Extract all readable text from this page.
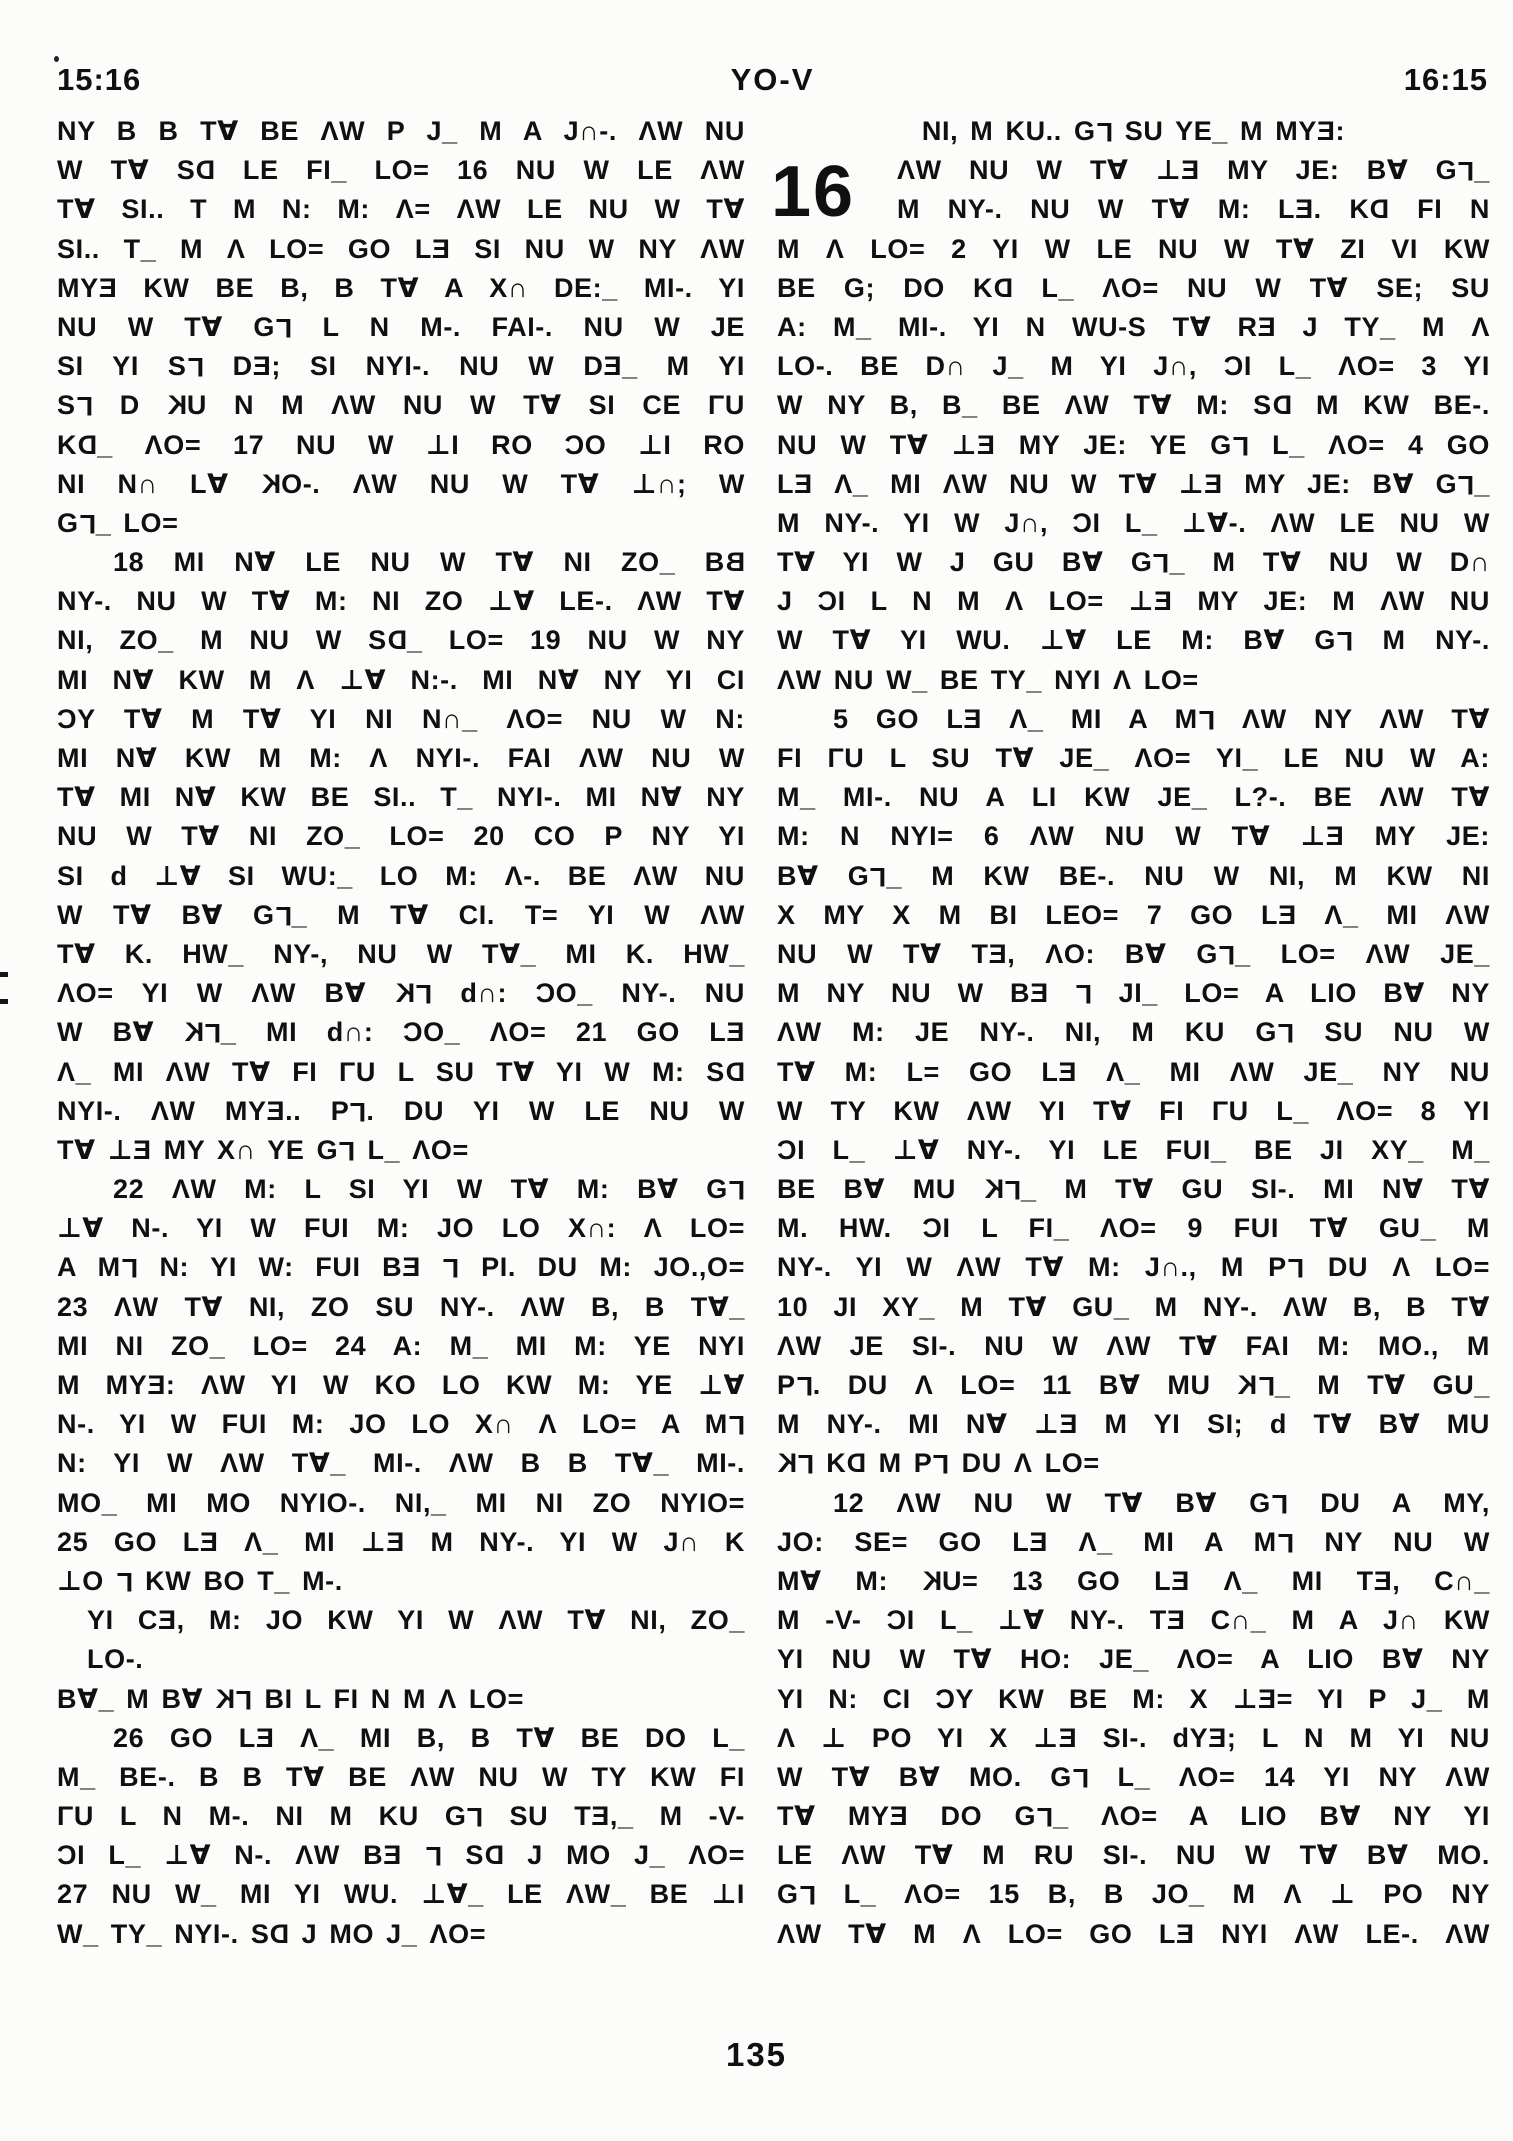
15:16	YO-V	16:15
NY B B T∀ BE ɅW P J_ M A J∩-. ɅW NU
W T∀ SD LE FI_ LO= 16 NU W LE ɅW
T∀ SI.. T M N: M: Ʌ= ɅW LE NU W T∀
SI.. T_ M Ʌ LO= GO LƎ SI NU W NY ɅW
MYƎ KW BE B, B T∀ A X∩ DE:_ MI-. YI
NU W T∀ GL L N M-. FAI-. NU W JE
SI YI SL DƎ; SI NYI-. NU W DƎ_ M YI
SL D KU N M ɅW NU W T∀ SI CE ΓU
KD_ ɅO= 17 NU W ⊥I RO ƆO ⊥I RO
NI N∩ L∀ KO-. ɅW NU W T∀ ⊥∩; W
GL_ LO=
18 MI N∀ LE NU W T∀ NI ZO_ BB
NY-. NU W T∀ M: NI ZO ⊥∀ LE-. ɅW T∀
NI, ZO_ M NU W SD_ LO= 19 NU W NY
MI N∀ KW M Ʌ ⊥∀ N:-. MI N∀ NY YI CI
ƆY T∀ M T∀ YI NI N∩_ ɅO= NU W N:
MI N∀ KW M M: Ʌ NYI-. FAI ɅW NU W
T∀ MI N∀ KW BE SI.. T_ NYI-. MI N∀ NY
NU W T∀ NI ZO_ LO= 20 CO P NY YI
SI d ⊥∀ SI WU:_ LO M: Ʌ-. BE ɅW NU
W T∀ B∀ GL_ M T∀ CI. T= YI W ɅW
T∀ K. HW_ NY-, NU W T∀_ MI K. HW_
ɅO= YI W ɅW B∀ KL d∩: ƆO_ NY-. NU
W B∀ KL_ MI d∩: ƆO_ ɅO= 21 GO LƎ
Ʌ_ MI ɅW T∀ FI ΓU L SU T∀ YI W M: SD
NYI-. ɅW MYƎ.. PL. DU YI W LE NU W
T∀ ⊥Ǝ MY X∩ YE GL L_ ɅO=
22 ɅW M: L SI YI W T∀ M: B∀ GL
⊥∀ N-. YI W FUI M: JO LO X∩: Ʌ LO=
A ML N: YI W: FUI BƎ L PI. DU M: JO.,O=
23 ɅW T∀ NI, ZO SU NY-. ɅW B, B T∀_
MI NI ZO_ LO= 24 A: M_ MI M: YE NYI
M MYƎ: ɅW YI W KO LO KW M: YE ⊥∀
N-. YI W FUI M: JO LO X∩ Ʌ LO= A ML
N: YI W ɅW T∀_ MI-. ɅW B B T∀_ MI-.
MO_ MI MO NYIO-. NI,_ MI NI ZO NYIO=
25 GO LƎ Ʌ_ MI ⊥Ǝ M NY-. YI W J∩ K
⊥O L KW BO T_ M-.
YI CƎ, M: JO KW YI W ɅW T∀ NI, ZO_
LO-.
B∀_ M B∀ KL BI L FI N M Ʌ LO=
26 GO LƎ Ʌ_ MI B, B T∀ BE DO L_
M_ BE-. B B T∀ BE ɅW NU W TY KW FI
ΓU L N M-. NI M KU GL SU TƎ,_ M -V-
ƆI L_ ⊥∀ N-. ɅW BƎ L SD J MO J_ ɅO=
27 NU W_ MI YI WU. ⊥∀_ LE ɅW_ BE ⊥I
W_ TY_ NYI-. SD J MO J_ ɅO=
NI, M KU.. GL SU YE_ M MYƎ:
16	ɅW NU W T∀ ⊥Ǝ MY JE: B∀ GL_
M NY-. NU W T∀ M: LƎ. KD FI N
M Ʌ LO= 2 YI W LE NU W T∀ ZI VI KW
BE G; DO KD L_ ɅO= NU W T∀ SE; SU
A: M_ MI-. YI N WU-S T∀ RƎ J TY_ M Ʌ
LO-. BE D∩ J_ M YI J∩, ƆI L_ ɅO= 3 YI
W NY B, B_ BE ɅW T∀ M: SD M KW BE-.
NU W T∀ ⊥Ǝ MY JE: YE GL L_ ɅO= 4 GO
LƎ Ʌ_ MI ɅW NU W T∀ ⊥Ǝ MY JE: B∀ GL_
M NY-. YI W J∩, ƆI L_ ⊥∀-. ɅW LE NU W
T∀ YI W J GU B∀ GL_ M T∀ NU W D∩
J ƆI L N M Ʌ LO= ⊥Ǝ MY JE: M ɅW NU
W T∀ YI WU. ⊥∀ LE M: B∀ GL M NY-.
ɅW NU W_ BE TY_ NYI Ʌ LO=
5 GO LƎ Ʌ_ MI A ML ɅW NY ɅW T∀
FI ΓU L SU T∀ JE_ ɅO= YI_ LE NU W A:
M_ MI-. NU A LI KW JE_ L?-. BE ɅW T∀
M: N NYI= 6 ɅW NU W T∀ ⊥Ǝ MY JE:
B∀ GL_ M KW BE-. NU W NI, M KW NI
X MY X M BI LEO= 7 GO LƎ Ʌ_ MI ɅW
NU W T∀ TƎ, ɅO: B∀ GL_ LO= ɅW JE_
M NY NU W BƎ L JI_ LO= A LIO B∀ NY
ɅW M: JE NY-. NI, M KU GL SU NU W
T∀ M: L= GO LƎ Ʌ_ MI ɅW JE_ NY NU
W TY KW ɅW YI T∀ FI ΓU L_ ɅO= 8 YI
ƆI L_ ⊥∀ NY-. YI LE FUI_ BE JI XY_ M_
BE B∀ MU KL_ M T∀ GU SI-. MI N∀ T∀
M. HW. ƆI L FI_ ɅO= 9 FUI T∀ GU_ M
NY-. YI W ɅW T∀ M: J∩., M PL DU Ʌ LO=
10 JI XY_ M T∀ GU_ M NY-. ɅW B, B T∀
ɅW JE SI-. NU W ɅW T∀ FAI M: MO., M
PL. DU Ʌ LO= 11 B∀ MU KL_ M T∀ GU_
M NY-. MI N∀ ⊥Ǝ M YI SI; d T∀ B∀ MU
KL KD M PL DU Ʌ LO=
12 ɅW NU W T∀ B∀ GL DU A MY,
JO: SE= GO LƎ Ʌ_ MI A ML NY NU W
M∀ M: KU= 13 GO LƎ Ʌ_ MI TƎ, C∩_
M -V- ƆI L_ ⊥∀ NY-. TƎ C∩_ M A J∩ KW
YI NU W T∀ HO: JE_ ɅO= A LIO B∀ NY
YI N: CI ƆY KW BE M: X ⊥Ǝ= YI P J_ M
Ʌ ⊥ PO YI X ⊥Ǝ SI-. dYƎ; L N M YI NU
W T∀ B∀ MO. GL L_ ɅO= 14 YI NY ɅW
T∀ MYƎ DO GL_ ɅO= A LIO B∀ NY YI
LE ɅW T∀ M RU SI-. NU W T∀ B∀ MO.
GL L_ ɅO= 15 B, B JO_ M Ʌ ⊥ PO NY
ɅW T∀ M Ʌ LO= GO LƎ NYI ɅW LE-. ɅW
135
